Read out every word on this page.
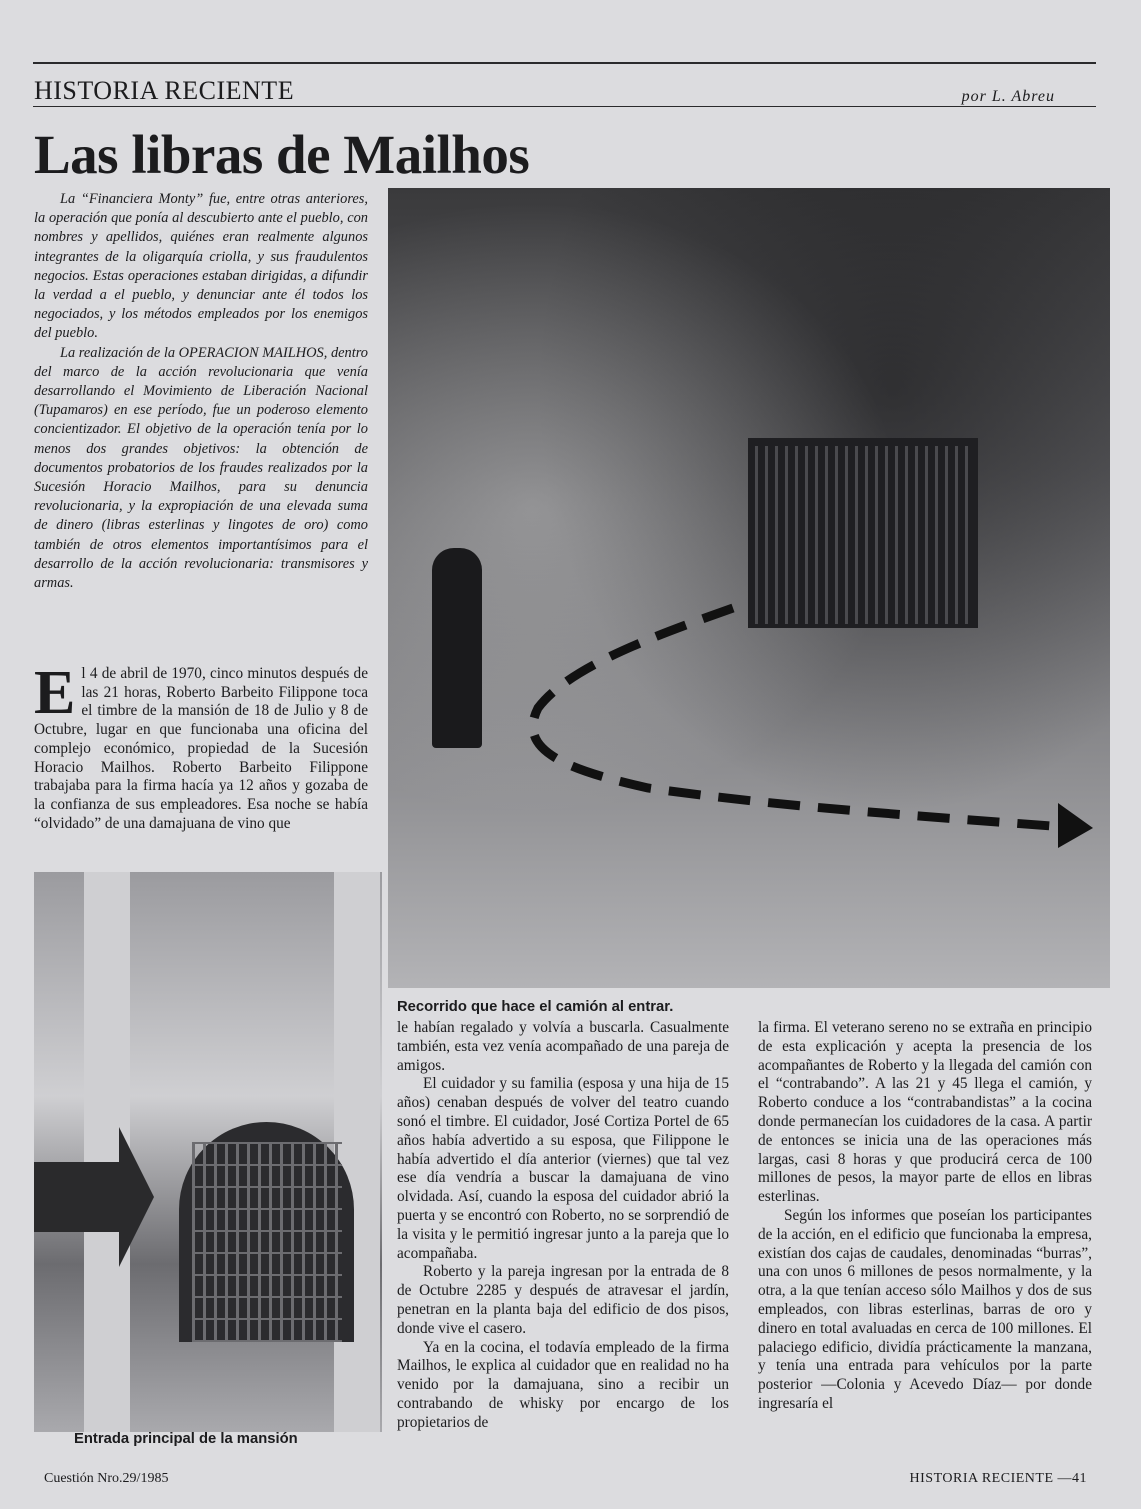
HISTORIA RECIENTE	por L. Abreu
Las libras de Mailhos

La “Financiera Monty” fue, entre otras anteriores, la operación que ponía al descubierto ante el pueblo, con nombres y apellidos, quiénes eran realmente algunos integrantes de la oligarquía criolla, y sus fraudulentos negocios. Estas operaciones estaban dirigidas, a difundir la verdad a el pueblo, y denunciar ante él todos los negociados, y los métodos empleados por los enemigos del pueblo.

La realización de la OPERACION MAILHOS, dentro del marco de la acción revolucionaria que venía desarrollando el Movimiento de Liberación Nacional (Tupamaros) en ese período, fue un poderoso elemento concientizador. El objetivo de la operación tenía por lo menos dos grandes objetivos: la obtención de documentos probatorios de los fraudes realizados por la Sucesión Horacio Mailhos, para su denuncia revolucionaria, y la expropiación de una elevada suma de dinero (libras esterlinas y lingotes de oro) como también de otros elementos importantísimos para el desarrollo de la acción revolucionaria: transmisores y armas.

El 4 de abril de 1970, cinco minutos después de las 21 horas, Roberto Barbeito Filippone toca el timbre de la mansión de 18 de Julio y 8 de Octubre, lugar en que funcionaba una oficina del complejo económico, propiedad de la Sucesión Horacio Mailhos. Roberto Barbeito Filippone trabajaba para la firma hacía ya 12 años y gozaba de la confianza de sus empleadores. Esa noche se había “olvidado” de una damajuana de vino que

Recorrido que hace el camión al entrar.
Entrada principal de la mansión

le habían regalado y volvía a buscarla. Casualmente también, esta vez venía acompañado de una pareja de amigos.

El cuidador y su familia (esposa y una hija de 15 años) cenaban después de volver del teatro cuando sonó el timbre. El cuidador, José Cortiza Portel de 65 años había advertido a su esposa, que Filippone le había advertido el día anterior (viernes) que tal vez ese día vendría a buscar la damajuana de vino olvidada. Así, cuando la esposa del cuidador abrió la puerta y se encontró con Roberto, no se sorprendió de la visita y le permitió ingresar junto a la pareja que lo acompañaba.

Roberto y la pareja ingresan por la entrada de 8 de Octubre 2285 y después de atravesar el jardín, penetran en la planta baja del edificio de dos pisos, donde vive el casero.

Ya en la cocina, el todavía empleado de la firma Mailhos, le explica al cuidador que en realidad no ha venido por la damajuana, sino a recibir un contrabando de whisky por encargo de los propietarios de

la firma. El veterano sereno no se extraña en principio de esta explicación y acepta la presencia de los acompañantes de Roberto y la llegada del camión con el “contrabando”. A las 21 y 45 llega el camión, y Roberto conduce a los “contrabandistas” a la cocina donde permanecían los cuidadores de la casa. A partir de entonces se inicia una de las operaciones más largas, casi 8 horas y que producirá cerca de 100 millones de pesos, la mayor parte de ellos en libras esterlinas.

Según los informes que poseían los participantes de la acción, en el edificio que funcionaba la empresa, existían dos cajas de caudales, denominadas “burras”, una con unos 6 millones de pesos normalmente, y la otra, a la que tenían acceso sólo Mailhos y dos de sus empleados, con libras esterlinas, barras de oro y dinero en total avaluadas en cerca de 100 millones. El palaciego edificio, dividía prácticamente la manzana, y tenía una entrada para vehículos por la parte posterior —Colonia y Acevedo Díaz— por donde ingresaría el

Cuestión Nro.29/1985	HISTORIA RECIENTE —41
